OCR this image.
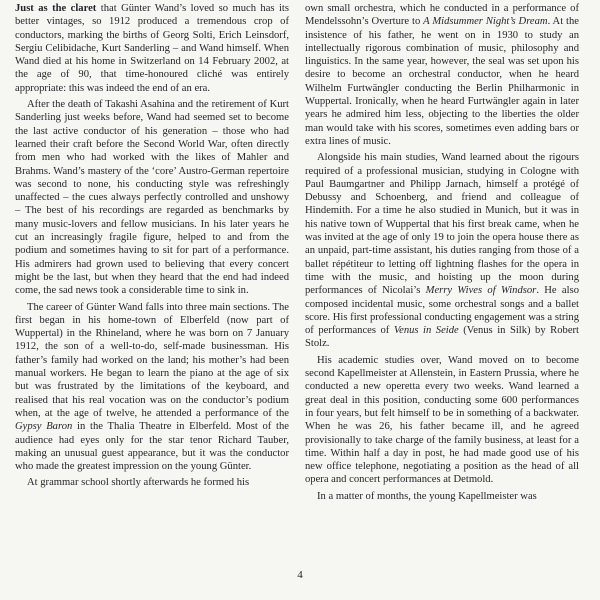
Just as the claret that Günter Wand’s loved so much has its better vintages, so 1912 produced a tremendous crop of conductors, marking the births of Georg Solti, Erich Leinsdorf, Sergiu Celibidache, Kurt Sanderling – and Wand himself. When Wand died at his home in Switzerland on 14 February 2002, at the age of 90, that time-honoured cliché was entirely appropriate: this was indeed the end of an era.

After the death of Takashi Asahina and the retirement of Kurt Sanderling just weeks before, Wand had seemed set to become the last active conductor of his generation – those who had learned their craft before the Second World War, often directly from men who had worked with the likes of Mahler and Brahms. Wand’s mastery of the ‘core’ Austro-German repertoire was second to none, his conducting style was refreshingly unaffected – the cues always perfectly controlled and unshowy – The best of his recordings are regarded as benchmarks by many music-lovers and fellow musicians. In his later years he cut an increasingly fragile figure, helped to and from the podium and sometimes having to sit for part of a performance. His admirers had grown used to believing that every concert might be the last, but when they heard that the end had indeed come, the sad news took a considerable time to sink in.

The career of Günter Wand falls into three main sections. The first began in his home-town of Elberfeld (now part of Wuppertal) in the Rhineland, where he was born on 7 January 1912, the son of a well-to-do, self-made businessman. His father’s family had worked on the land; his mother’s had been manual workers. He began to learn the piano at the age of six but was frustrated by the limitations of the keyboard, and realised that his real vocation was on the conductor’s podium when, at the age of twelve, he attended a performance of the Gypsy Baron in the Thalia Theatre in Elberfeld. Most of the audience had eyes only for the star tenor Richard Tauber, making an unusual guest appearance, but it was the conductor who made the greatest impression on the young Günter.

At grammar school shortly afterwards he formed his

own small orchestra, which he conducted in a performance of Mendelssohn’s Overture to A Midsummer Night’s Dream. At the insistence of his father, he went on in 1930 to study an intellectually rigorous combination of music, philosophy and linguistics. In the same year, however, the seal was set upon his desire to become an orchestral conductor, when he heard Wilhelm Furtwängler conducting the Berlin Philharmonic in Wuppertal. Ironically, when he heard Furtwängler again in later years he admired him less, objecting to the liberties the older man would take with his scores, sometimes even adding bars or extra lines of music.

Alongside his main studies, Wand learned about the rigours required of a professional musician, studying in Cologne with Paul Baumgartner and Philipp Jarnach, himself a protégé of Debussy and Schoenberg, and friend and colleague of Hindemith. For a time he also studied in Munich, but it was in his native town of Wuppertal that his first break came, when he was invited at the age of only 19 to join the opera house there as an unpaid, part-time assistant, his duties ranging from those of a ballet répétiteur to letting off lightning flashes for the opera in time with the music, and hoisting up the moon during performances of Nicolai’s Merry Wives of Windsor. He also composed incidental music, some orchestral songs and a ballet score. His first professional conducting engagement was a string of performances of Venus in Seide (Venus in Silk) by Robert Stolz.

His academic studies over, Wand moved on to become second Kapellmeister at Allenstein, in Eastern Prussia, where he conducted a new operetta every two weeks. Wand learned a great deal in this position, conducting some 600 performances in four years, but felt himself to be in something of a backwater. When he was 26, his father became ill, and he agreed provisionally to take charge of the family business, at least for a time. Within half a day in post, he had made good use of his new office telephone, negotiating a position as the head of all opera and concert performances at Detmold.

In a matter of months, the young Kapellmeister was

4
